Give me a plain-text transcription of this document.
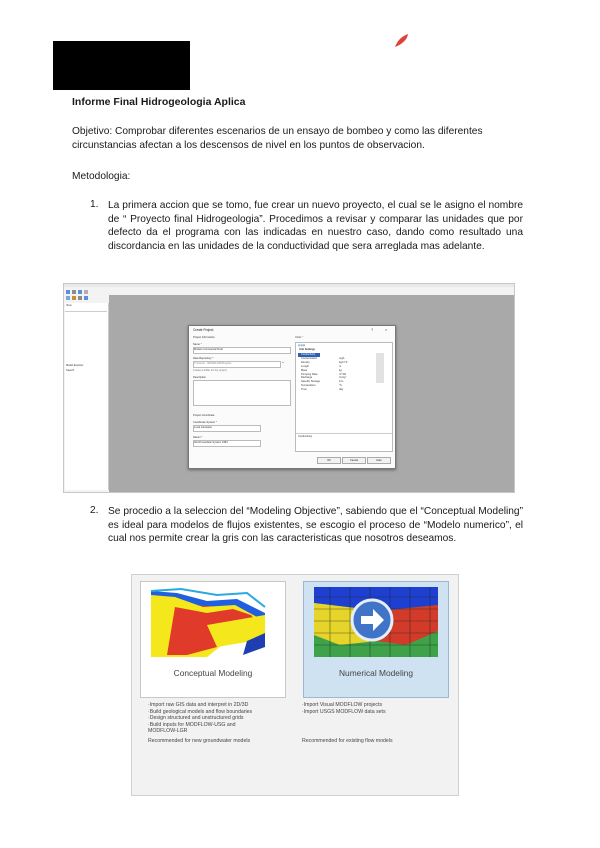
Informe Final Hidrogeologia Aplica
Objetivo: Comprobar diferentes escenarios de un ensayo de bombeo y como las diferentes circunstancias afectan a los descensos de nivel en los puntos de observacion.
Metodologia:
1. La primera accion que se tomo, fue crear un nuevo proyecto, el cual se le asigno el nombre de “ Proyecto final Hidrogeologia”. Procedimos a revisar y comparar las unidades que por defecto da el programa con las indicadas en nuestro caso, dando como resultado una discordancia en las unidades de la conductividad que sera arreglada mas adelante.
View
Model Explorer
Search
Create Project	?	×
Project Information
Name *
Modelo Conceptual Final
Data Repository *
C:\Users\...\MODFLOW\Projects	▰
Create a folder for the project
Description
Project Coordinate
Coordinate System *
Local Cartesian
Datum *
World Geodetic System 1984
Units *
▦▦▦
Unit Settings
Conductivity	m/d
Concentration	mg/L
Density	kg/m^3
Length	m
Mass	kg
Pumping Rate	m^3/d
Recharge	mm/yr
Specific Storage	1/m
Temperature	°C
Time	day
Conductivity
OK	Cancel	Help
2. Se procedio a la seleccion del “Modeling Objective”, sabiendo que el “Conceptual Modeling” es ideal para modelos de flujos existentes, se escogio el proceso de “Modelo numerico”, el cual nos permite crear la gris con las caracteristicas que nosotros deseamos.
Conceptual Modeling	Numerical Modeling
·Import raw GIS data and interpret in 2D/3D
·Build geological models and flow boundaries
·Design structured and unstructured grids
·Build inputs for MODFLOW-USG and
MODFLOW-LGR
Recommended for new groundwater models
·Import Visual MODFLOW projects
·Import USGS MODFLOW data sets
Recommended for existing flow models
